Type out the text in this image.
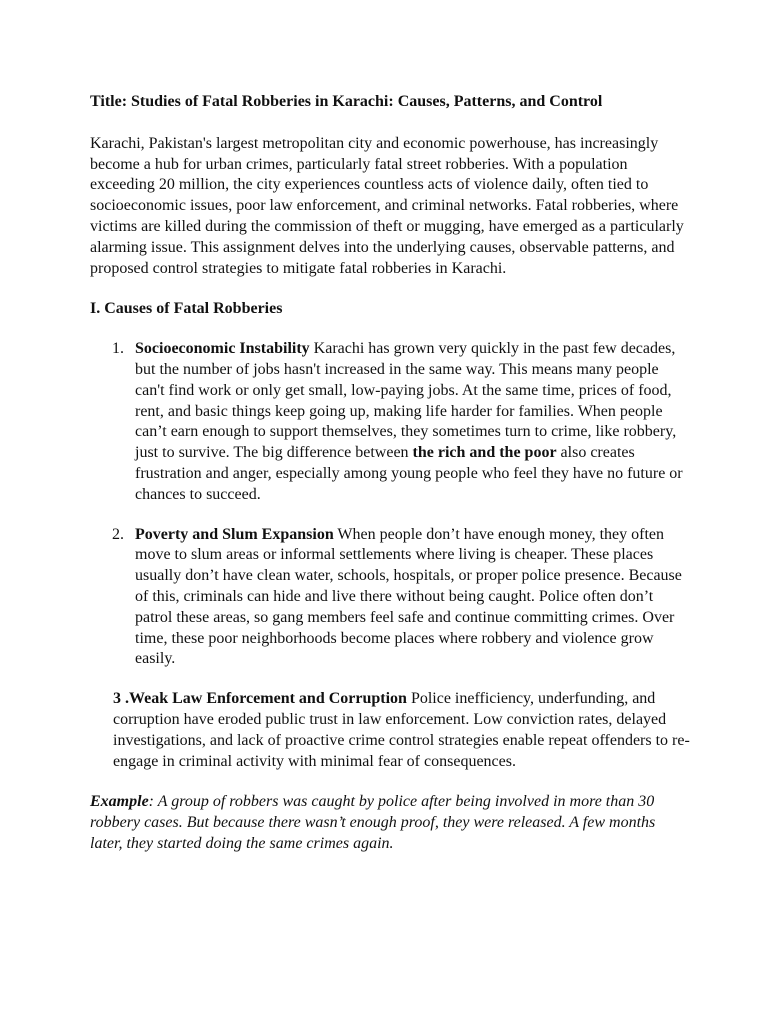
Title: Studies of Fatal Robberies in Karachi: Causes, Patterns, and Control

Karachi, Pakistan's largest metropolitan city and economic powerhouse, has increasingly become a hub for urban crimes, particularly fatal street robberies. With a population exceeding 20 million, the city experiences countless acts of violence daily, often tied to socioeconomic issues, poor law enforcement, and criminal networks. Fatal robberies, where victims are killed during the commission of theft or mugging, have emerged as a particularly alarming issue. This assignment delves into the underlying causes, observable patterns, and proposed control strategies to mitigate fatal robberies in Karachi.

I. Causes of Fatal Robberies

1. Socioeconomic Instability Karachi has grown very quickly in the past few decades, but the number of jobs hasn't increased in the same way. This means many people can't find work or only get small, low-paying jobs. At the same time, prices of food, rent, and basic things keep going up, making life harder for families. When people can’t earn enough to support themselves, they sometimes turn to crime, like robbery, just to survive. The big difference between the rich and the poor also creates frustration and anger, especially among young people who feel they have no future or chances to succeed.
2. Poverty and Slum Expansion When people don’t have enough money, they often move to slum areas or informal settlements where living is cheaper. These places usually don’t have clean water, schools, hospitals, or proper police presence. Because of this, criminals can hide and live there without being caught. Police often don’t patrol these areas, so gang members feel safe and continue committing crimes. Over time, these poor neighborhoods become places where robbery and violence grow easily.

3 .Weak Law Enforcement and Corruption Police inefficiency, underfunding, and corruption have eroded public trust in law enforcement. Low conviction rates, delayed investigations, and lack of proactive crime control strategies enable repeat offenders to re-engage in criminal activity with minimal fear of consequences.

Example: A group of robbers was caught by police after being involved in more than 30 robbery cases. But because there wasn’t enough proof, they were released. A few months later, they started doing the same crimes again.
